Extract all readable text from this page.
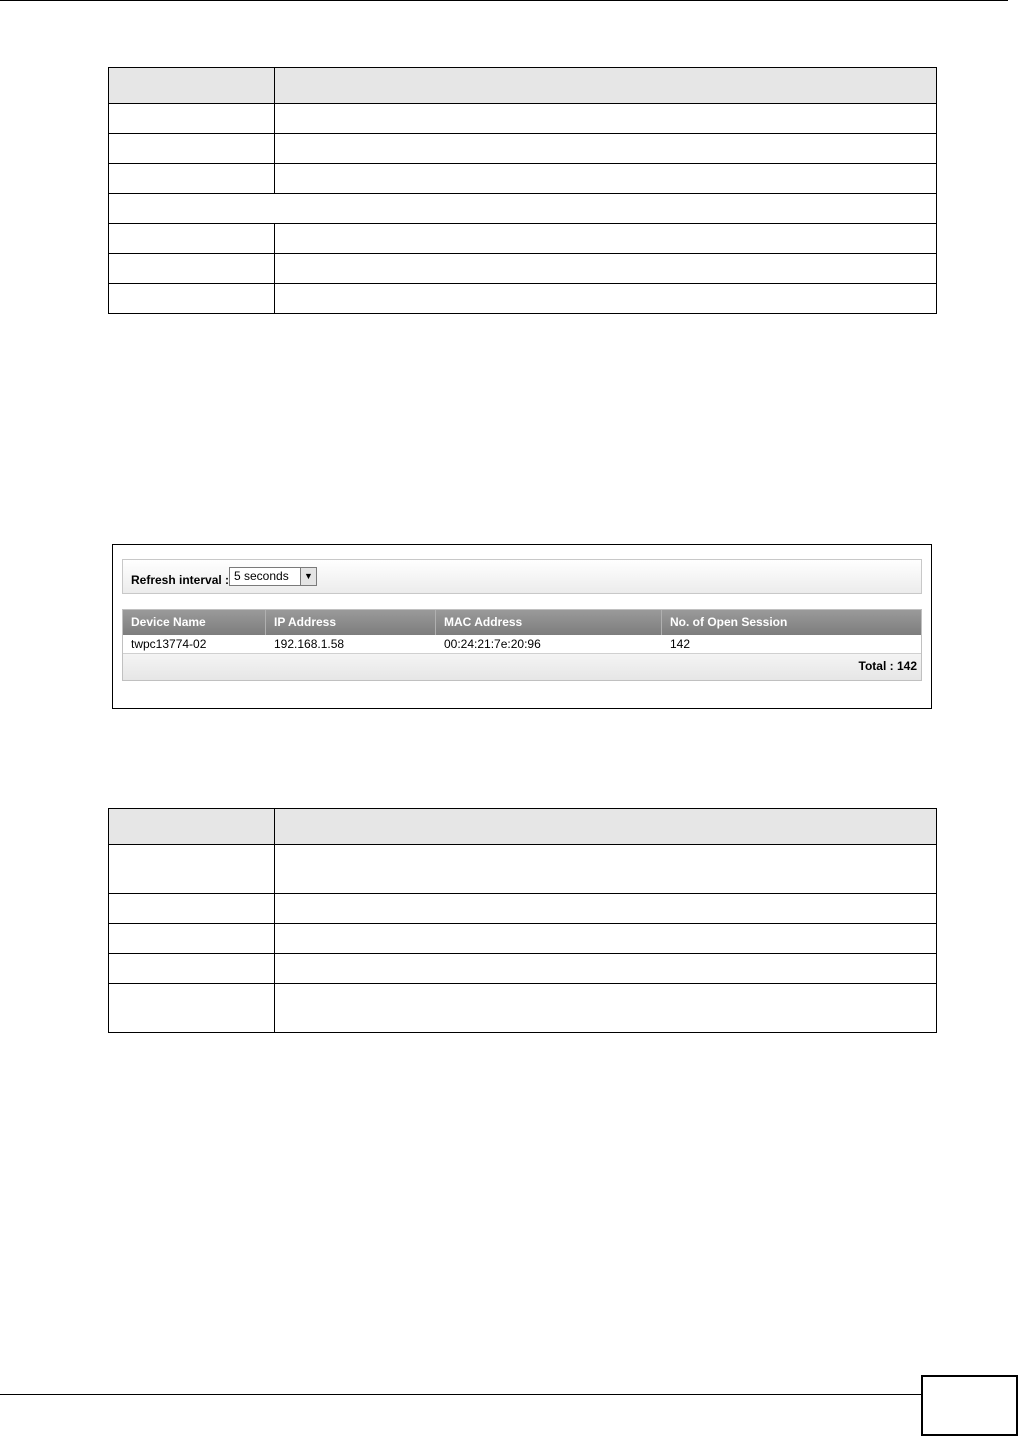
Refresh interval : 5 seconds	▼
Device Name	IP Address	MAC Address	No. of Open Session
twpc13774-02	192.168.1.58	00:24:21:7e:20:96	142
Total : 142
